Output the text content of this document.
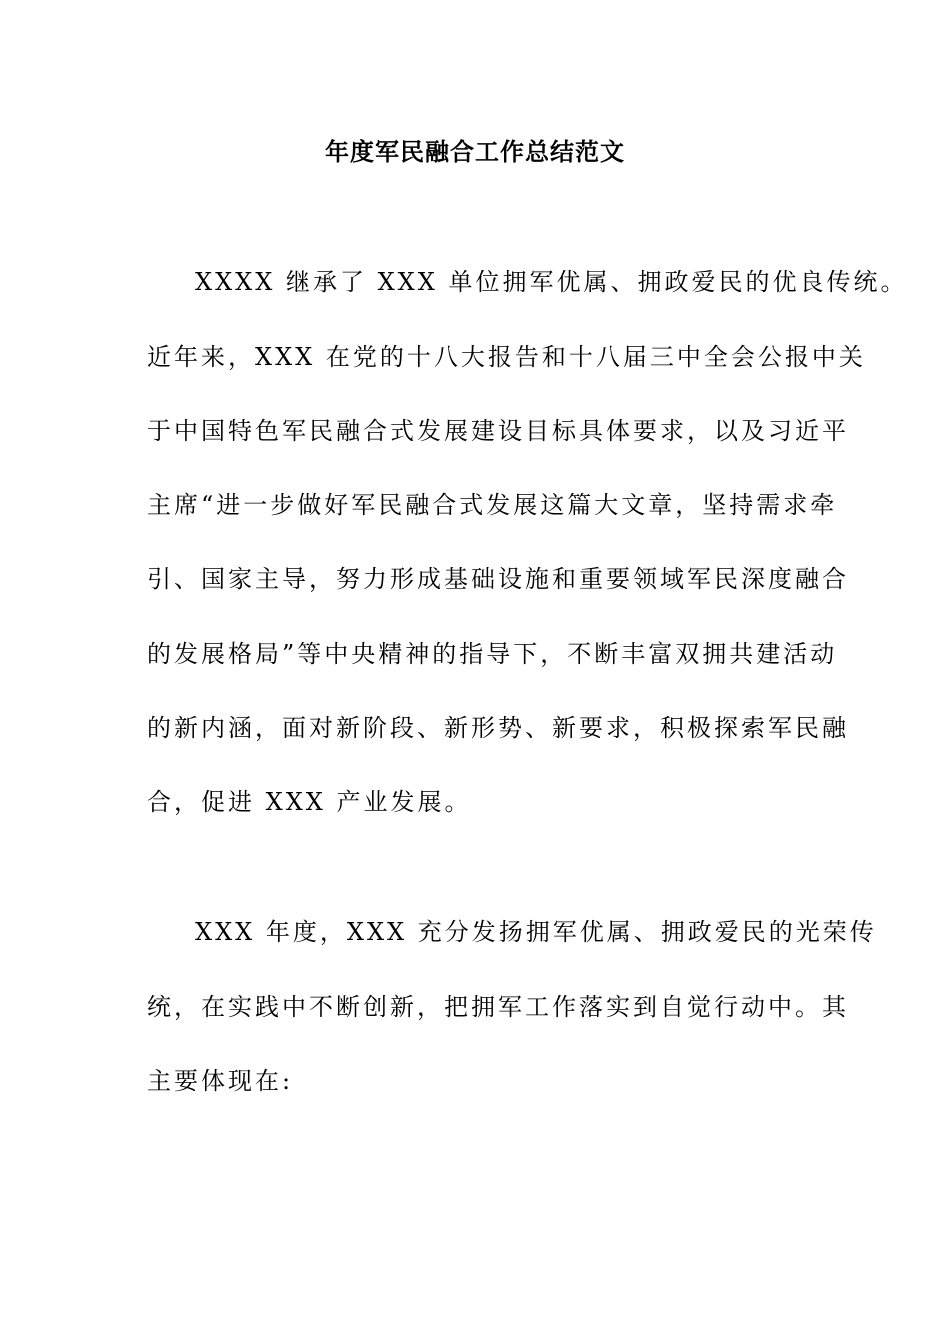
年度军民融合工作总结范文
XXXX 继承了 XXX 单位拥军优属、拥政爱民的优良传统。
近年来，XXX 在党的十八大报告和十八届三中全会公报中关
于中国特色军民融合式发展建设目标具体要求，以及习近平
主席“进一步做好军民融合式发展这篇大文章，坚持需求牵
引、国家主导，努力形成基础设施和重要领域军民深度融合
的发展格局”等中央精神的指导下，不断丰富双拥共建活动
的新内涵，面对新阶段、新形势、新要求，积极探索军民融
合，促进 XXX 产业发展。
XXX 年度，XXX 充分发扬拥军优属、拥政爱民的光荣传
统，在实践中不断创新，把拥军工作落实到自觉行动中。其
主要体现在:
